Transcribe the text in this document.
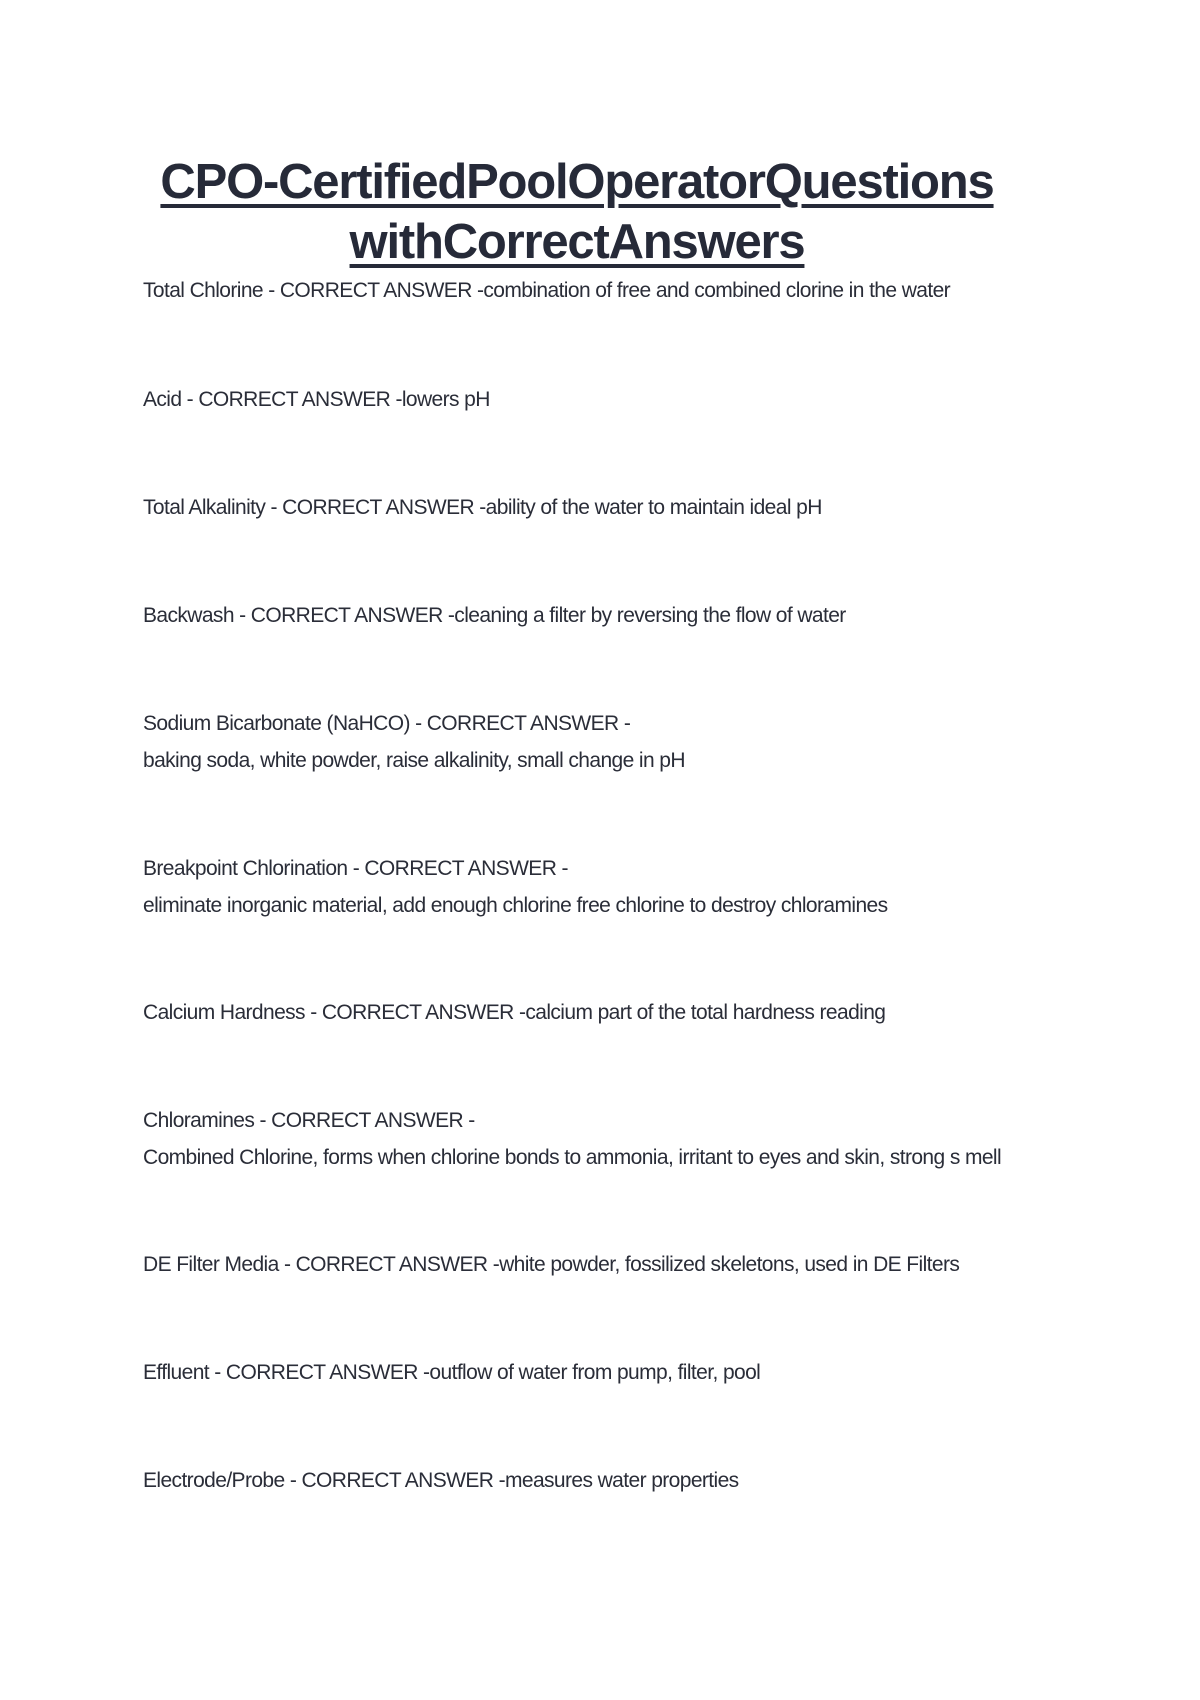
CPO-CertifiedPoolOperatorQuestions
withCorrectAnswers
Total Chlorine - CORRECT ANSWER -combination of free and combined clorine in the water
Acid - CORRECT ANSWER -lowers pH
Total Alkalinity - CORRECT ANSWER -ability of the water to maintain ideal pH
Backwash - CORRECT ANSWER -cleaning a filter by reversing the flow of water
Sodium Bicarbonate (NaHCO) - CORRECT ANSWER -
baking soda, white powder, raise alkalinity, small change in pH
Breakpoint Chlorination - CORRECT ANSWER -
eliminate inorganic material, add enough chlorine free chlorine to destroy chloramines
Calcium Hardness - CORRECT ANSWER -calcium part of the total hardness reading
Chloramines - CORRECT ANSWER -
Combined Chlorine, forms when chlorine bonds to ammonia, irritant to eyes and skin, strong s mell
DE Filter Media - CORRECT ANSWER -white powder, fossilized skeletons, used in DE Filters
Effluent - CORRECT ANSWER -outflow of water from pump, filter, pool
Electrode/Probe - CORRECT ANSWER -measures water properties
